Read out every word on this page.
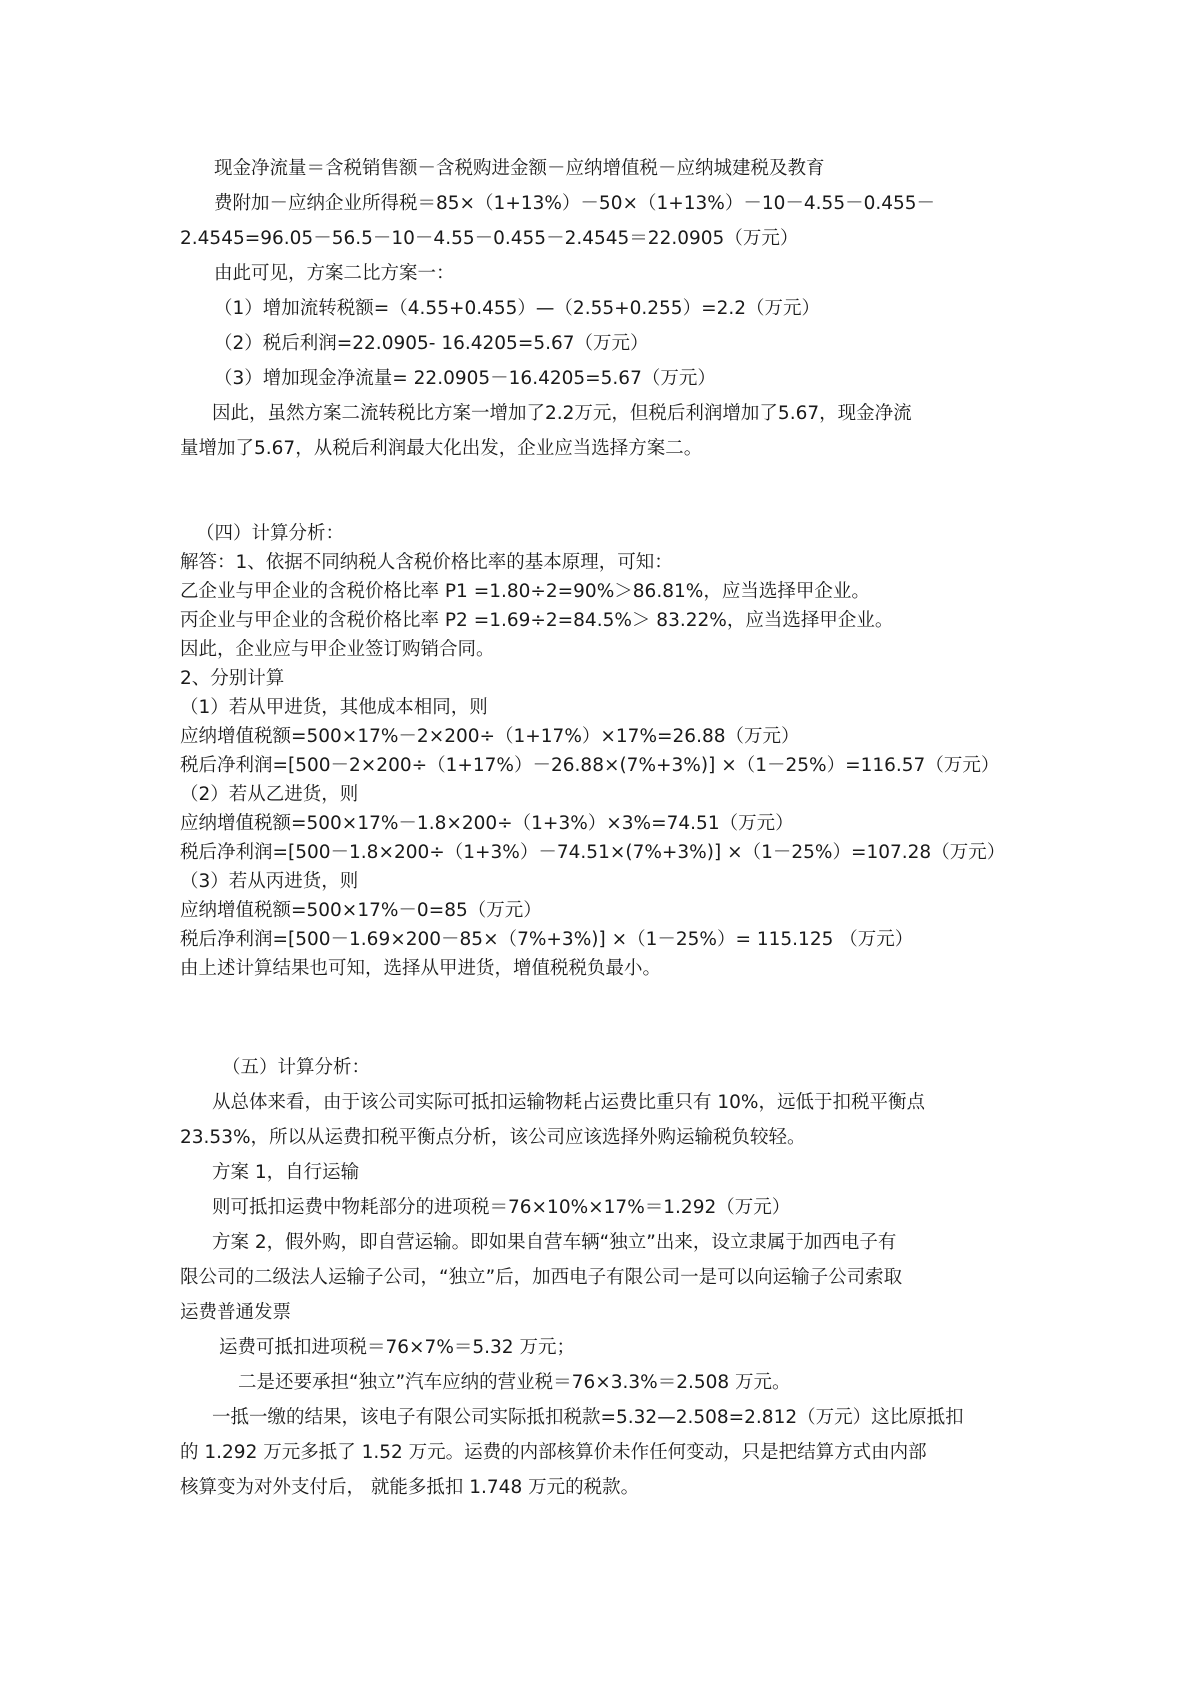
现金净流量＝含税销售额－含税购进金额－应纳增值税－应纳城建税及教育
费附加－应纳企业所得税＝85×（1+13%）－50×（1+13%）－10－4.55－0.455－
2.4545=96.05－56.5－10－4.55－0.455－2.4545＝22.0905（万元）
由此可见，方案二比方案一：
（1）增加流转税额=（4.55+0.455）—（2.55+0.255）=2.2（万元）
（2）税后利润=22.0905- 16.4205=5.67（万元）
（3）增加现金净流量= 22.0905－16.4205=5.67（万元）
因此，虽然方案二流转税比方案一增加了2.2万元，但税后利润增加了5.67，现金净流
量增加了5.67，从税后利润最大化出发，企业应当选择方案二。
（四）计算分析：
解答：1、依据不同纳税人含税价格比率的基本原理，可知：
乙企业与甲企业的含税价格比率 P1 =1.80÷2=90%＞86.81%，应当选择甲企业。
丙企业与甲企业的含税价格比率 P2 =1.69÷2=84.5%＞ 83.22%，应当选择甲企业。
因此，企业应与甲企业签订购销合同。
2、分别计算
（1）若从甲进货，其他成本相同，则
应纳增值税额=500×17%－2×200÷（1+17%）×17%=26.88（万元）
税后净利润=[500－2×200÷（1+17%）－26.88×(7%+3%)] ×（1－25%）=116.57（万元）
（2）若从乙进货，则
应纳增值税额=500×17%－1.8×200÷（1+3%）×3%=74.51（万元）
税后净利润=[500－1.8×200÷（1+3%）－74.51×(7%+3%)] ×（1－25%）=107.28（万元）
（3）若从丙进货，则
应纳增值税额=500×17%－0=85（万元）
税后净利润=[500－1.69×200－85×（7%+3%)] ×（1－25%）= 115.125 （万元）
由上述计算结果也可知，选择从甲进货，增值税税负最小。
（五）计算分析：
从总体来看，由于该公司实际可抵扣运输物耗占运费比重只有 10%，远低于扣税平衡点
23.53%，所以从运费扣税平衡点分析，该公司应该选择外购运输税负较轻。
方案 1，自行运输
则可抵扣运费中物耗部分的进项税＝76×10%×17%＝1.292（万元）
方案 2，假外购，即自营运输。即如果自营车辆“独立”出来，设立隶属于加西电子有
限公司的二级法人运输子公司，“独立”后，加西电子有限公司一是可以向运输子公司索取
运费普通发票
运费可抵扣进项税＝76×7%＝5.32 万元；
二是还要承担“独立”汽车应纳的营业税＝76×3.3%＝2.508 万元。
一抵一缴的结果，该电子有限公司实际抵扣税款=5.32—2.508=2.812（万元）这比原抵扣
的 1.292 万元多抵了 1.52 万元。运费的内部核算价未作任何变动，只是把结算方式由内部
核算变为对外支付后， 就能多抵扣 1.748 万元的税款。
